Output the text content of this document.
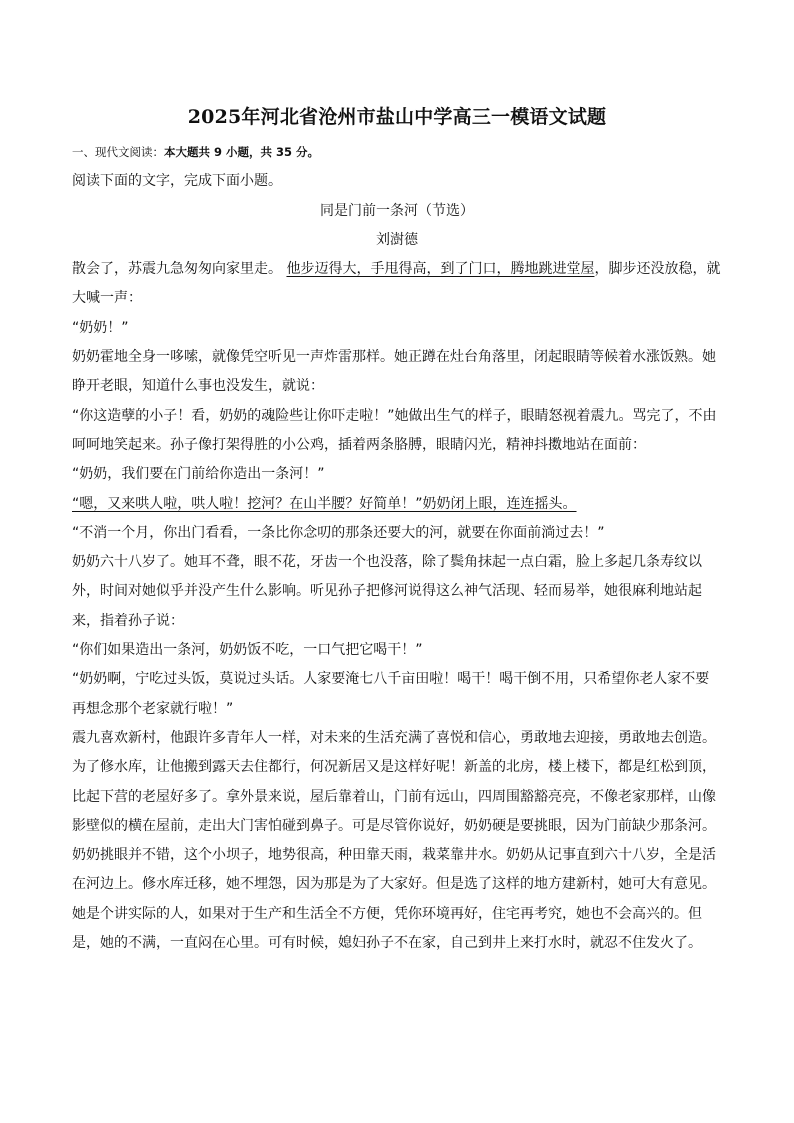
2025年河北省沧州市盐山中学高三一模语文试题

一、现代文阅读：本大题共 9 小题，共 35 分。

阅读下面的文字，完成下面小题。

同是门前一条河（节选）

刘澍德

散会了，苏震九急匆匆向家里走。 他步迈得大，手甩得高，到了门口，腾地跳进堂屋，脚步还没放稳，就大喊一声：

“奶奶！”

奶奶霍地全身一哆嗦，就像凭空听见一声炸雷那样。她正蹲在灶台角落里，闭起眼睛等候着水涨饭熟。她睁开老眼，知道什么事也没发生，就说：

“你这造孽的小子！看，奶奶的魂险些让你吓走啦！”她做出生气的样子，眼睛怒视着震九。骂完了，不由呵呵地笑起来。孙子像打架得胜的小公鸡，插着两条胳膊，眼睛闪光，精神抖擞地站在面前：

“奶奶，我们要在门前给你造出一条河！”

“嗯，又来哄人啦，哄人啦！挖河？在山半腰？好简单！”奶奶闭上眼，连连摇头。

“不消一个月，你出门看看，一条比你念叨的那条还要大的河，就要在你面前淌过去！”

奶奶六十八岁了。她耳不聋，眼不花，牙齿一个也没落，除了鬓角抹起一点白霜，脸上多起几条寿纹以外，时间对她似乎并没产生什么影响。听见孙子把修河说得这么神气活现、轻而易举，她很麻利地站起来，指着孙子说：

“你们如果造出一条河，奶奶饭不吃，一口气把它喝干！”

“奶奶啊，宁吃过头饭，莫说过头话。人家要淹七八千亩田啦！喝干！喝干倒不用，只希望你老人家不要再想念那个老家就行啦！”

震九喜欢新村，他跟许多青年人一样，对未来的生活充满了喜悦和信心，勇敢地去迎接，勇敢地去创造。为了修水库，让他搬到露天去住都行，何况新居又是这样好呢！新盖的北房，楼上楼下，都是红松到顶，比起下营的老屋好多了。拿外景来说，屋后靠着山，门前有远山，四周围豁豁亮亮，不像老家那样，山像影壁似的横在屋前，走出大门害怕碰到鼻子。可是尽管你说好，奶奶硬是要挑眼，因为门前缺少那条河。奶奶挑眼并不错，这个小坝子，地势很高，种田靠天雨，栽菜靠井水。奶奶从记事直到六十八岁，全是活在河边上。修水库迁移，她不埋怨，因为那是为了大家好。但是选了这样的地方建新村，她可大有意见。她是个讲实际的人，如果对于生产和生活全不方便，凭你环境再好，住宅再考究，她也不会高兴的。但是，她的不满，一直闷在心里。可有时候，媳妇孙子不在家，自己到井上来打水时，就忍不住发火了。
